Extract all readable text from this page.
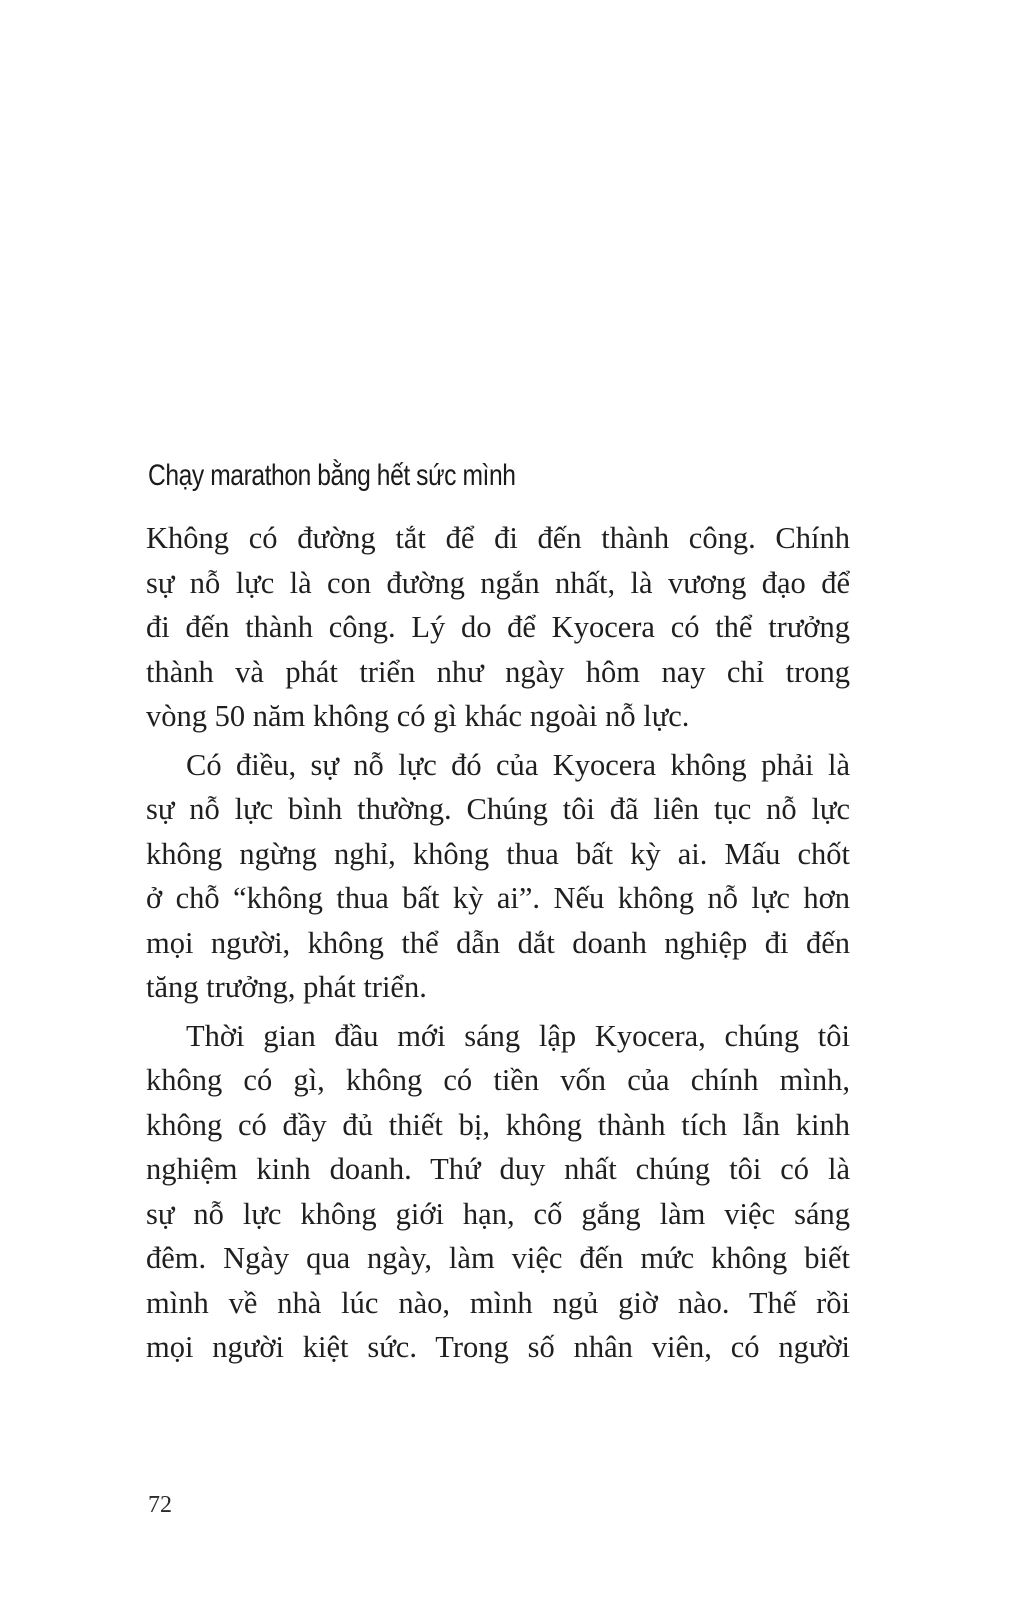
Chạy marathon bằng hết sức mình
Không có đường tắt để đi đến thành công. Chính
sự nỗ lực là con đường ngắn nhất, là vương đạo để
đi đến thành công. Lý do để Kyocera có thể trưởng
thành và phát triển như ngày hôm nay chỉ trong
vòng 50 năm không có gì khác ngoài nỗ lực.
Có điều, sự nỗ lực đó của Kyocera không phải là
sự nỗ lực bình thường. Chúng tôi đã liên tục nỗ lực
không ngừng nghỉ, không thua bất kỳ ai. Mấu chốt
ở chỗ “không thua bất kỳ ai”. Nếu không nỗ lực hơn
mọi người, không thể dẫn dắt doanh nghiệp đi đến
tăng trưởng, phát triển.
Thời gian đầu mới sáng lập Kyocera, chúng tôi
không có gì, không có tiền vốn của chính mình,
không có đầy đủ thiết bị, không thành tích lẫn kinh
nghiệm kinh doanh. Thứ duy nhất chúng tôi có là
sự nỗ lực không giới hạn, cố gắng làm việc sáng
đêm. Ngày qua ngày, làm việc đến mức không biết
mình về nhà lúc nào, mình ngủ giờ nào. Thế rồi
mọi người kiệt sức. Trong số nhân viên, có người
72
